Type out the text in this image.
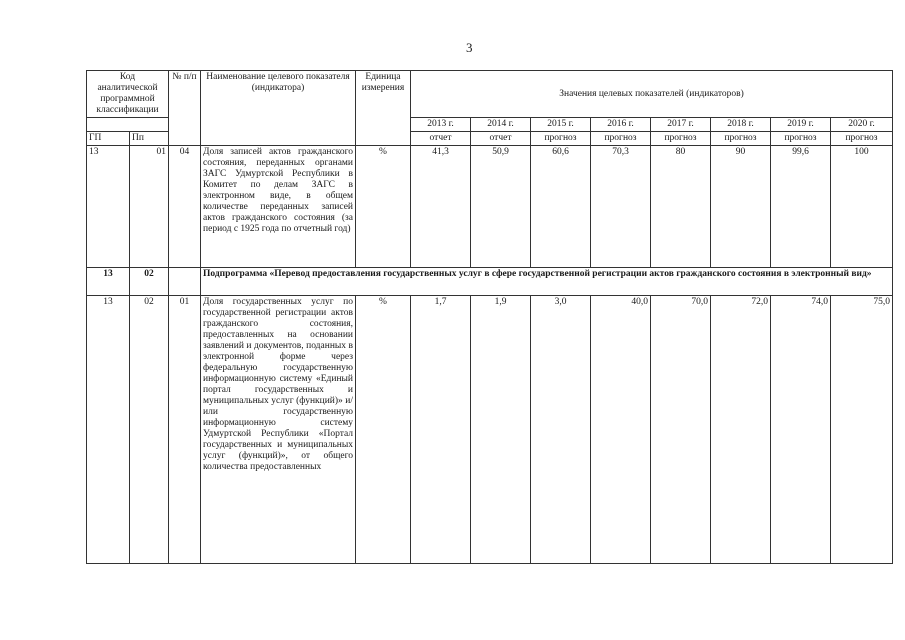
3
Код аналитической программной классификации		№ п/п	Наименование целевого показателя (индикатора)	Единица измерения	Значения целевых показателей (индикаторов)							
					2013 г.	2014 г.	2015 г.	2016 г.	2017 г.	2018 г.	2019 г.	2020 г.
ГП	Пп				отчет	отчет	прогноз	прогноз	прогноз	прогноз	прогноз	прогноз
13	01	04	Доля записей актов гражданского состояния, переданных органами ЗАГС Удмуртской Республики в Комитет по делам ЗАГС в электронном виде, в общем количестве переданных записей актов гражданского состояния (за период с 1925 года по отчетный год)	%	41,3	50,9	60,6	70,3	80	90	99,6	100
13	02		Подпрограмма «Перевод предоставления государственных услуг в сфере государственной регистрации актов гражданского состояния в электронный вид»									
13	02	01	Доля государственных услуг по государственной регистрации актов гражданского состояния, предоставленных на основании заявлений и документов, поданных в электронной форме через федеральную государственную информационную систему «Единый портал государственных и муниципальных услуг (функций)» и/или государственную информационную систему Удмуртской Республики «Портал государственных и муниципальных услуг (функций)», от общего количества предоставленных	%	1,7	1,9	3,0	40,0	70,0	72,0	74,0	75,0
